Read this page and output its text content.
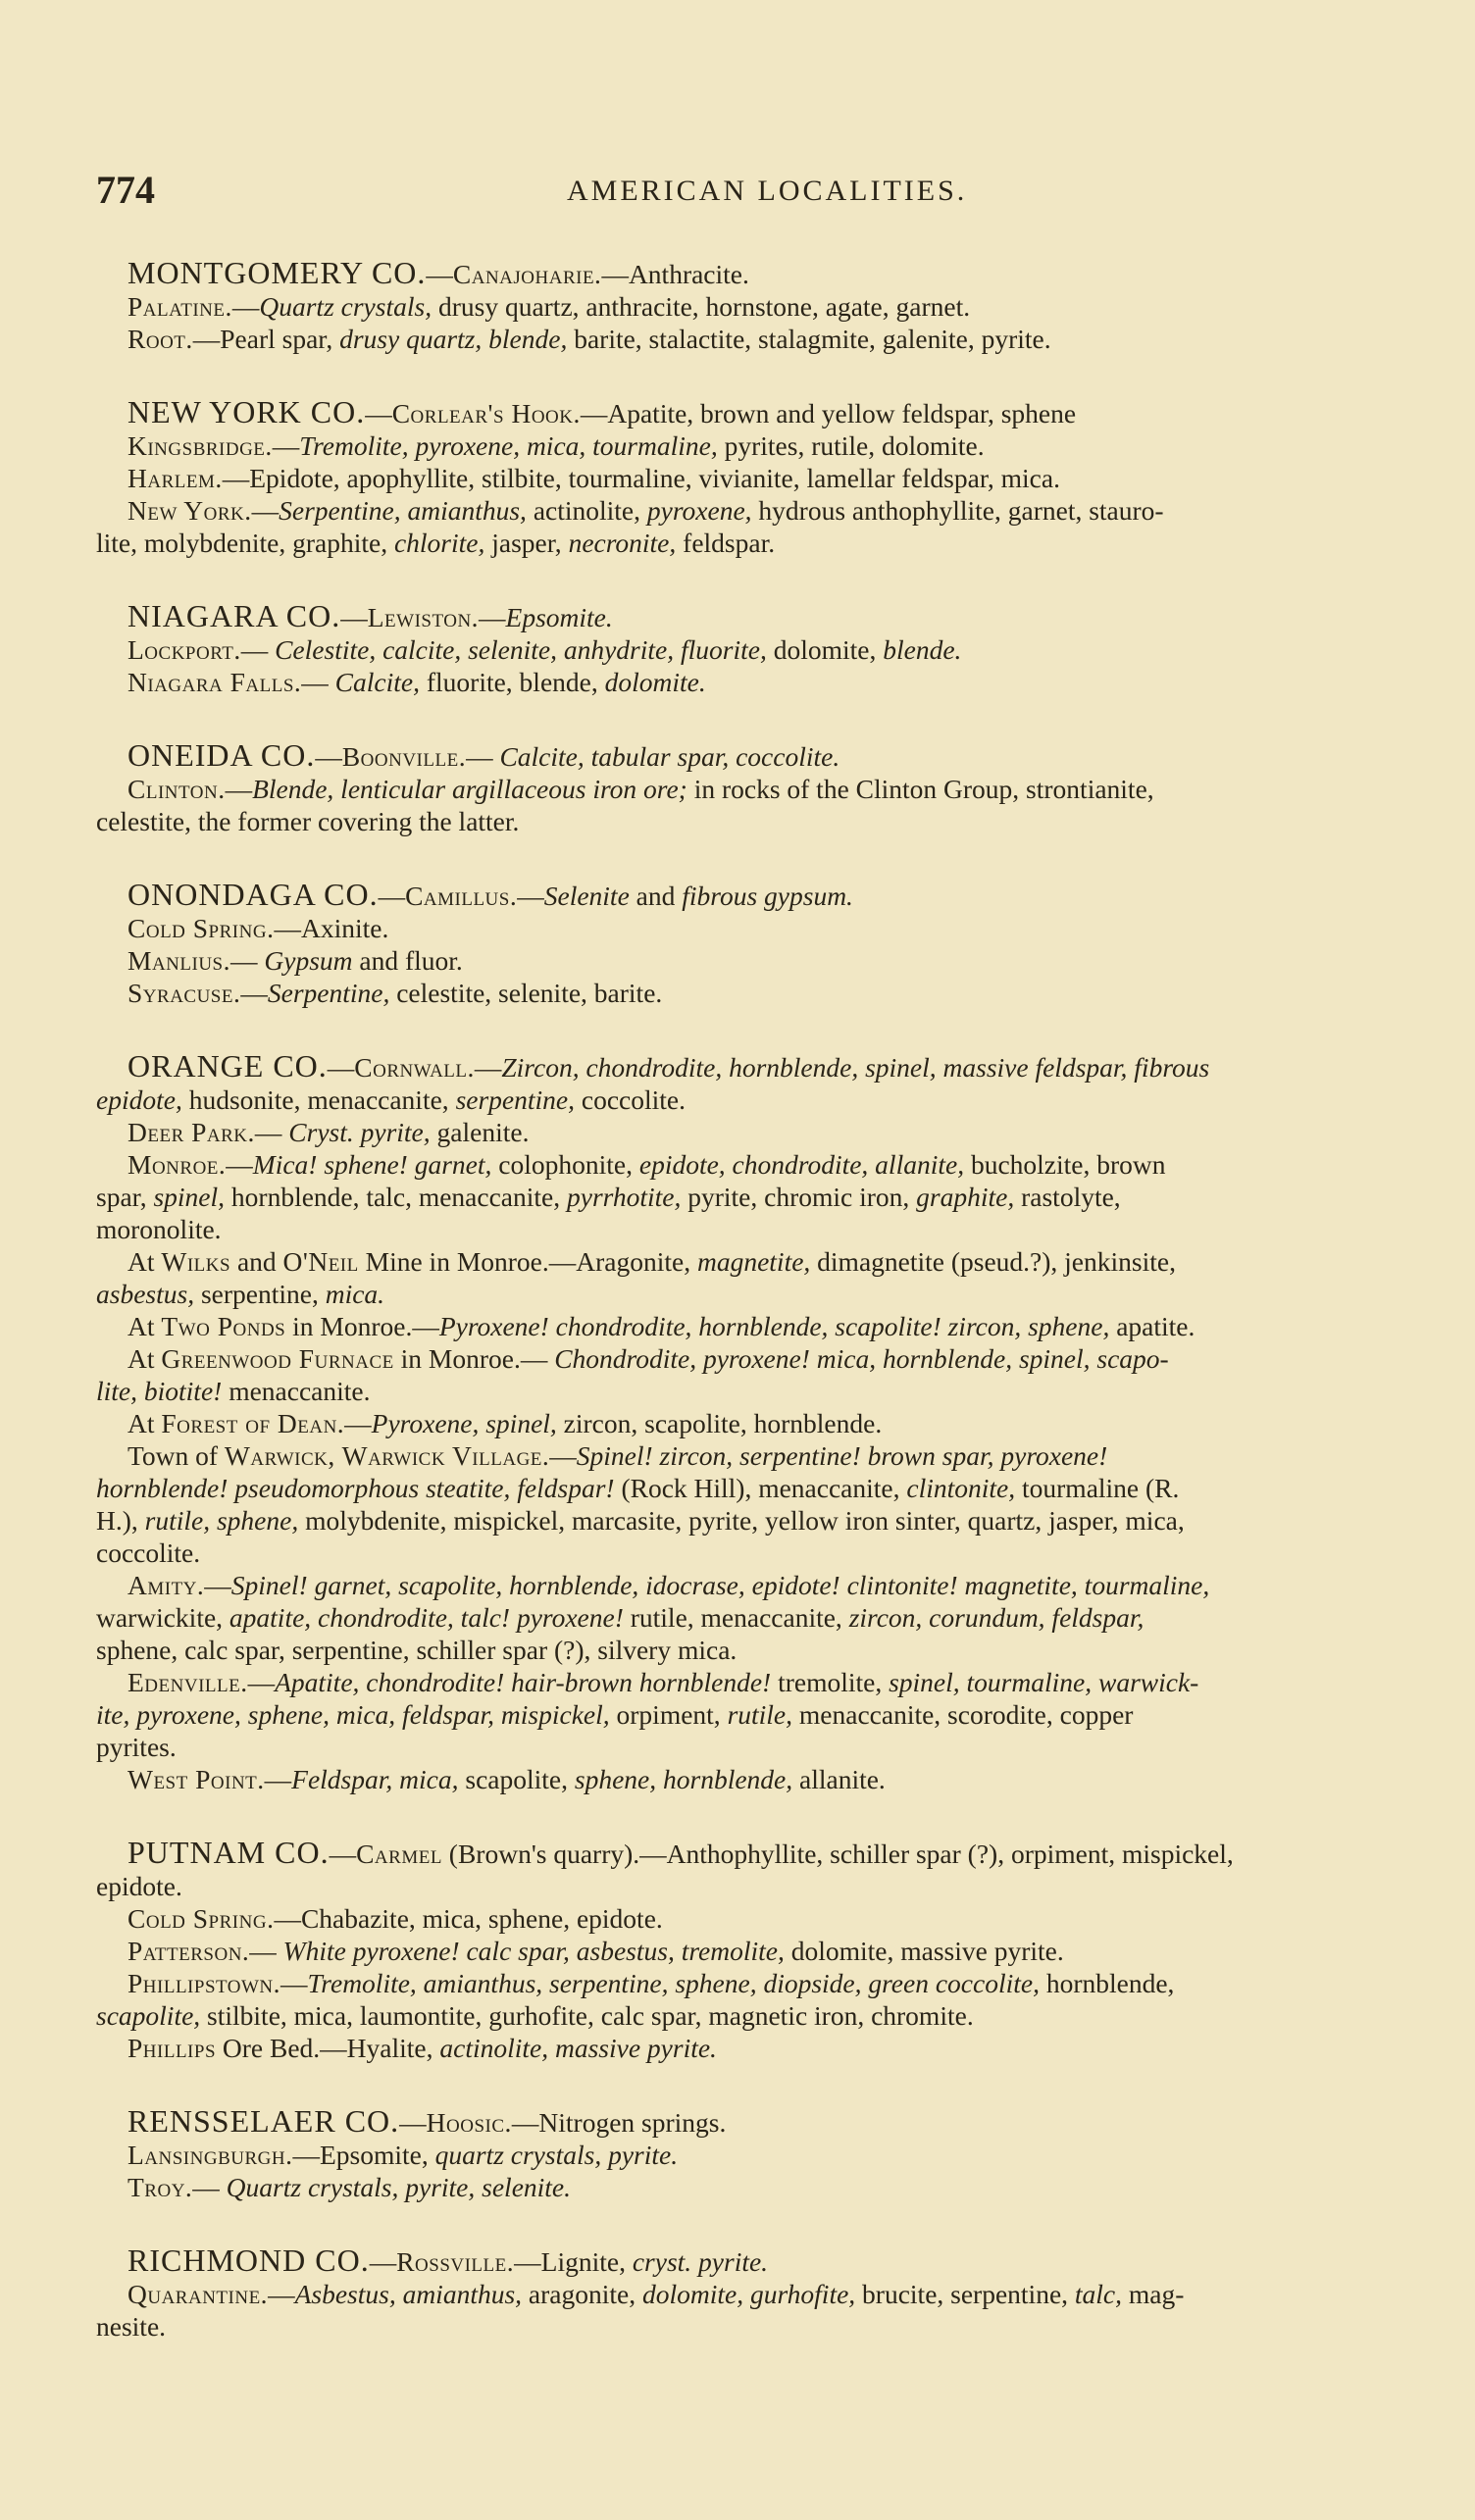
774	AMERICAN LOCALITIES.
MONTGOMERY CO.—Canajoharie.—Anthracite.
Palatine.—Quartz crystals, drusy quartz, anthracite, hornstone, agate, garnet.
Root.—Pearl spar, drusy quartz, blende, barite, stalactite, stalagmite, galenite, pyrite.
NEW YORK CO.—Corlear's Hook.—Apatite, brown and yellow feldspar, sphene
Kingsbridge.—Tremolite, pyroxene, mica, tourmaline, pyrites, rutile, dolomite.
Harlem.—Epidote, apophyllite, stilbite, tourmaline, vivianite, lamellar feldspar, mica.
New York.—Serpentine, amianthus, actinolite, pyroxene, hydrous anthophyllite, garnet, stauro-
lite, molybdenite, graphite, chlorite, jasper, necronite, feldspar.
NIAGARA CO.—Lewiston.—Epsomite.
Lockport.— Celestite, calcite, selenite, anhydrite, fluorite, dolomite, blende.
Niagara Falls.— Calcite, fluorite, blende, dolomite.
ONEIDA CO.—Boonville.— Calcite, tabular spar, coccolite.
Clinton.—Blende, lenticular argillaceous iron ore; in rocks of the Clinton Group, strontianite,
celestite, the former covering the latter.
ONONDAGA CO.—Camillus.—Selenite and fibrous gypsum.
Cold Spring.—Axinite.
Manlius.— Gypsum and fluor.
Syracuse.—Serpentine, celestite, selenite, barite.
ORANGE CO.—Cornwall.—Zircon, chondrodite, hornblende, spinel, massive feldspar, fibrous
epidote, hudsonite, menaccanite, serpentine, coccolite.
Deer Park.— Cryst. pyrite, galenite.
Monroe.—Mica! sphene! garnet, colophonite, epidote, chondrodite, allanite, bucholzite, brown
spar, spinel, hornblende, talc, menaccanite, pyrrhotite, pyrite, chromic iron, graphite, rastolyte,
moronolite.
At Wilks and O'Neil Mine in Monroe.—Aragonite, magnetite, dimagnetite (pseud.?), jenkinsite,
asbestus, serpentine, mica.
At Two Ponds in Monroe.—Pyroxene! chondrodite, hornblende, scapolite! zircon, sphene, apatite.
At Greenwood Furnace in Monroe.— Chondrodite, pyroxene! mica, hornblende, spinel, scapo-
lite, biotite! menaccanite.
At Forest of Dean.—Pyroxene, spinel, zircon, scapolite, hornblende.
Town of Warwick, Warwick Village.—Spinel! zircon, serpentine! brown spar, pyroxene!
hornblende! pseudomorphous steatite, feldspar! (Rock Hill), menaccanite, clintonite, tourmaline (R.
H.), rutile, sphene, molybdenite, mispickel, marcasite, pyrite, yellow iron sinter, quartz, jasper, mica,
coccolite.
Amity.—Spinel! garnet, scapolite, hornblende, idocrase, epidote! clintonite! magnetite, tourmaline,
warwickite, apatite, chondrodite, talc! pyroxene! rutile, menaccanite, zircon, corundum, feldspar,
sphene, calc spar, serpentine, schiller spar (?), silvery mica.
Edenville.—Apatite, chondrodite! hair-brown hornblende! tremolite, spinel, tourmaline, warwick-
ite, pyroxene, sphene, mica, feldspar, mispickel, orpiment, rutile, menaccanite, scorodite, copper
pyrites.
West Point.—Feldspar, mica, scapolite, sphene, hornblende, allanite.
PUTNAM CO.—Carmel (Brown's quarry).—Anthophyllite, schiller spar (?), orpiment, mispickel,
epidote.
Cold Spring.—Chabazite, mica, sphene, epidote.
Patterson.— White pyroxene! calc spar, asbestus, tremolite, dolomite, massive pyrite.
Phillipstown.—Tremolite, amianthus, serpentine, sphene, diopside, green coccolite, hornblende,
scapolite, stilbite, mica, laumontite, gurhofite, calc spar, magnetic iron, chromite.
Phillips Ore Bed.—Hyalite, actinolite, massive pyrite.
RENSSELAER CO.—Hoosic.—Nitrogen springs.
Lansingburgh.—Epsomite, quartz crystals, pyrite.
Troy.— Quartz crystals, pyrite, selenite.
RICHMOND CO.—Rossville.—Lignite, cryst. pyrite.
Quarantine.—Asbestus, amianthus, aragonite, dolomite, gurhofite, brucite, serpentine, talc, mag-
nesite.
